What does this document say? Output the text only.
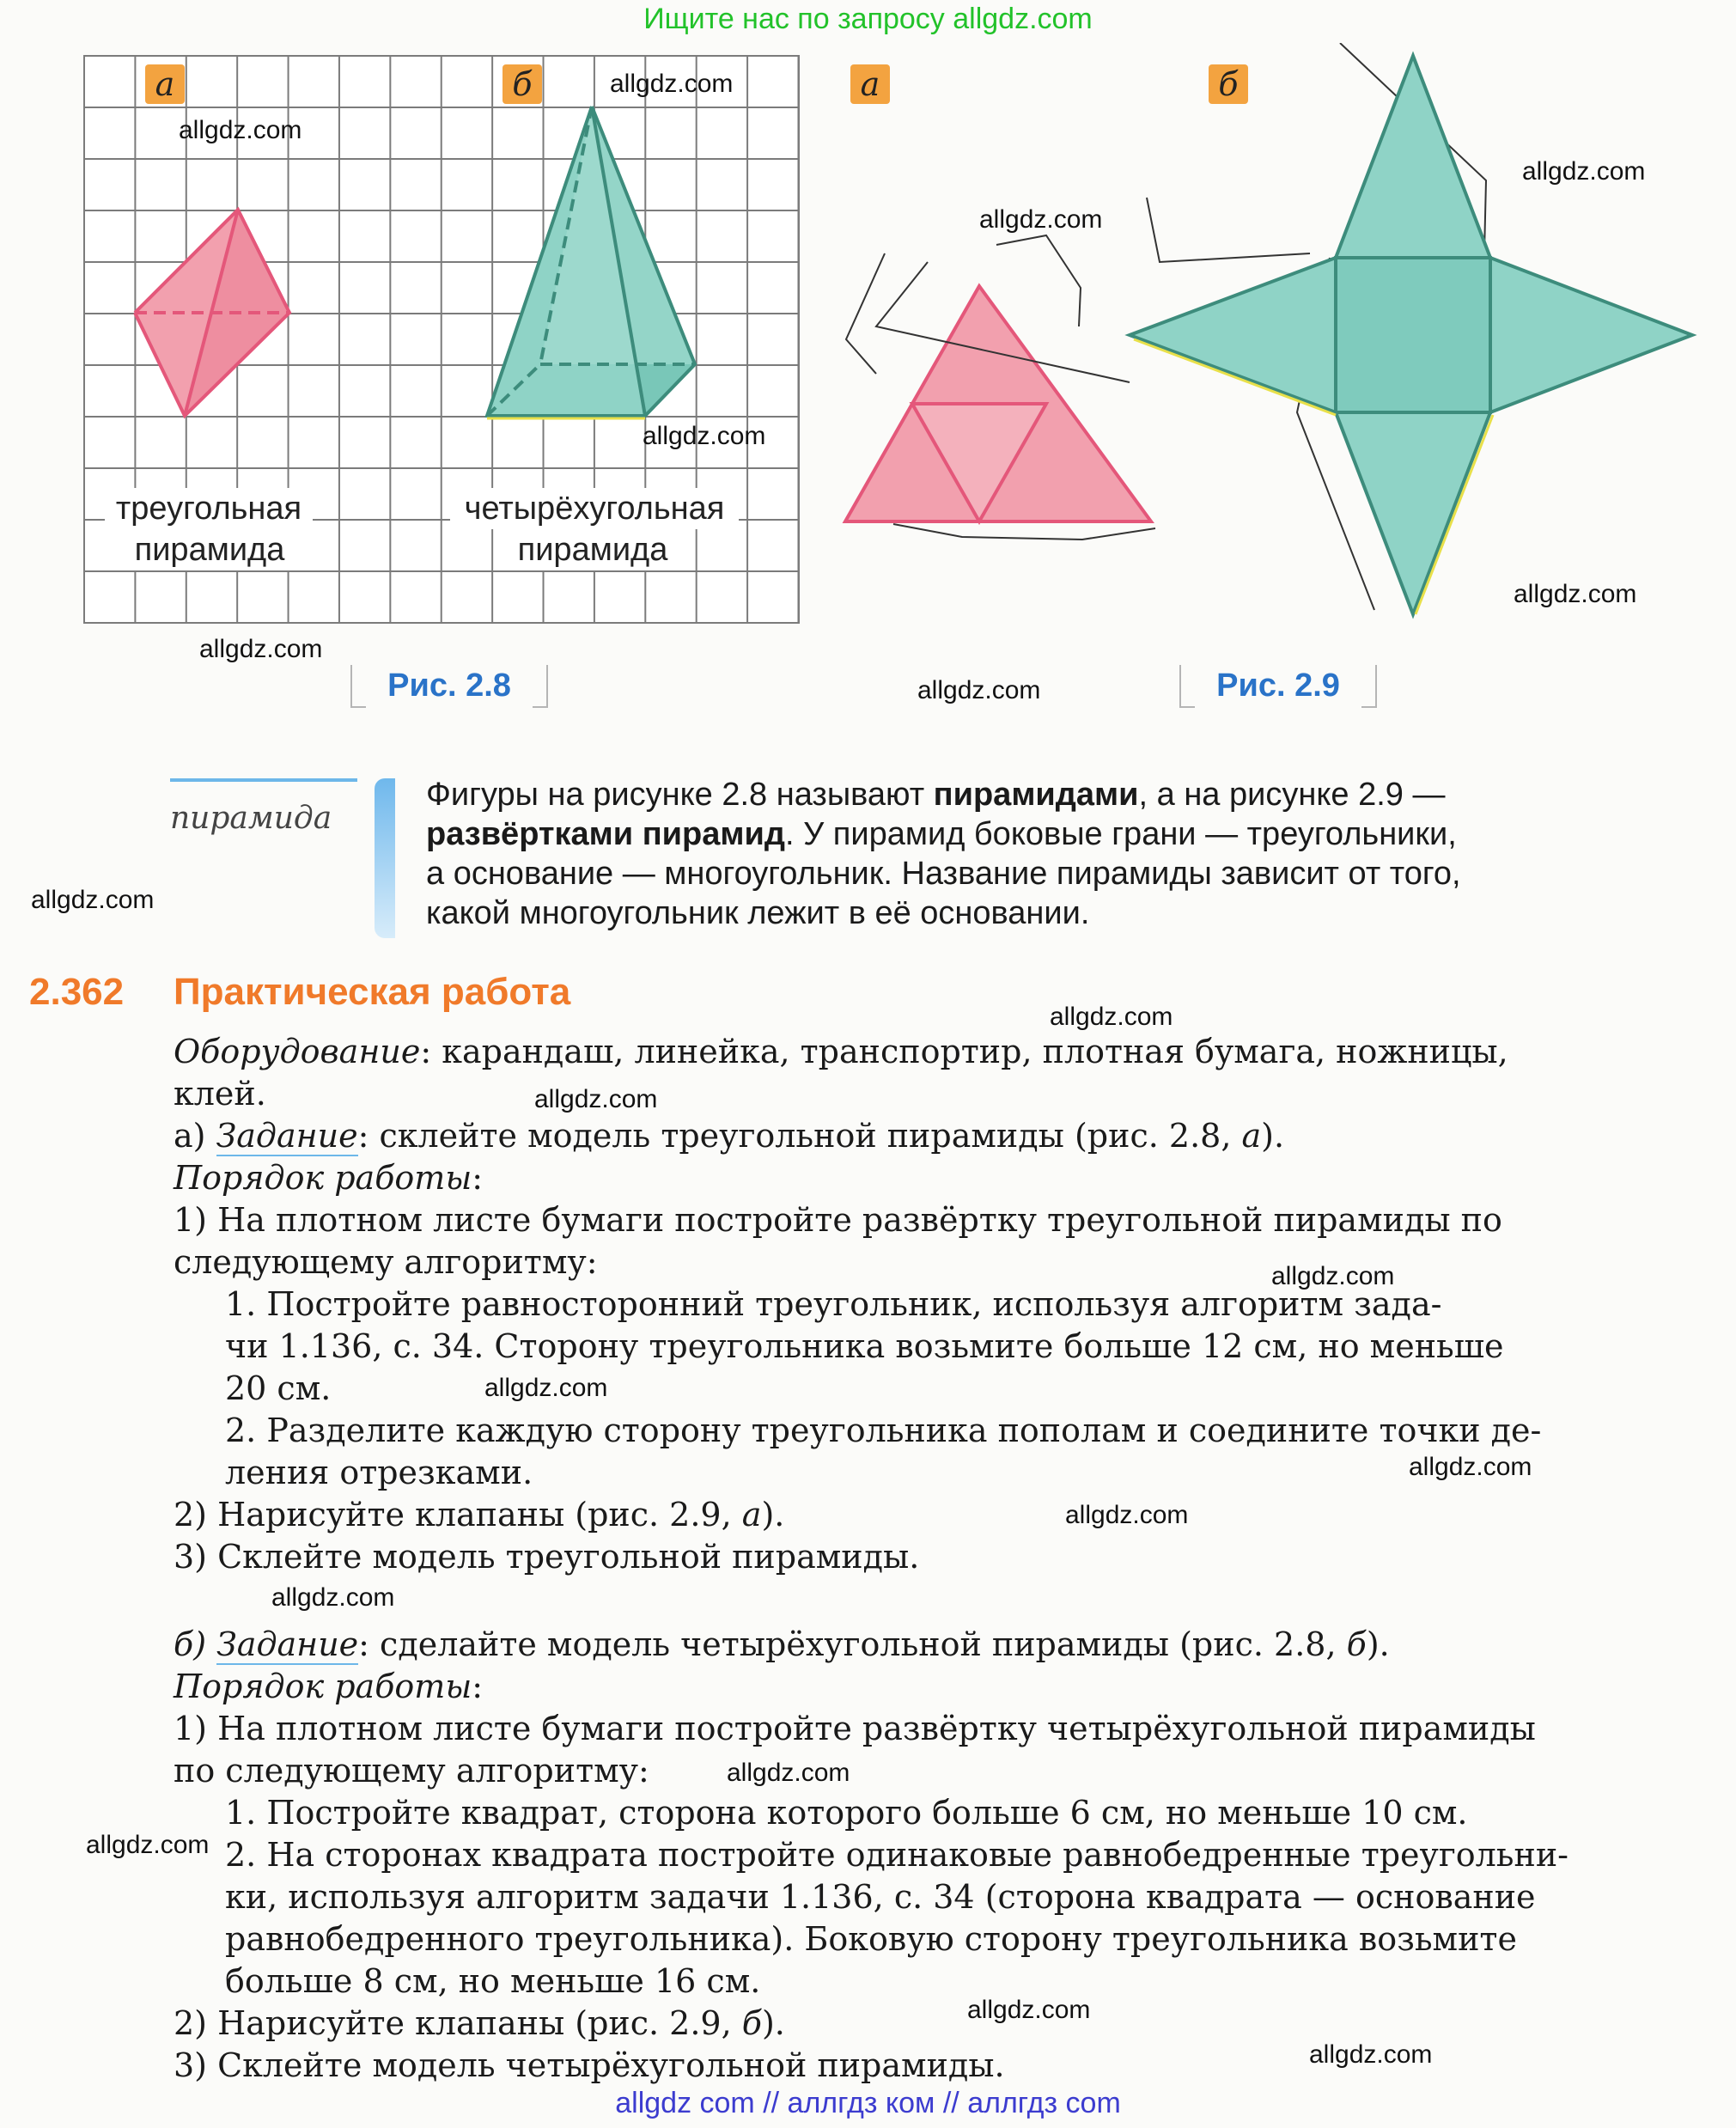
Ищите нас по запросу allgdz.com
allgdz com // аллгдз ком // аллгдз com
а	б
треугольная
пирамида
четырёхугольная
пирамида
Рис. 2.8
а	б
Рис. 2.9
пирамида
Фигуры на рисунке 2.8 называют пирамидами, а на рисунке 2.9 —
развёртками пирамид. У пирамид боковые грани — треугольники,
а основание — многоугольник. Название пирамиды зависит от того,
какой многоугольник лежит в её основании.
2.362 Практическая работа
Оборудование: карандаш, линейка, транспортир, плотная бумага, ножницы,
клей.
а) Задание: склейте модель треугольной пирамиды (рис. 2.8, а).
Порядок работы:
1) На плотном листе бумаги постройте развёртку треугольной пирамиды по
следующему алгоритму:
1. Постройте равносторонний треугольник, используя алгоритм зада-
чи 1.136, с. 34. Сторону треугольника возьмите больше 12 см, но меньше
20 см.
2. Разделите каждую сторону треугольника пополам и соедините точки де-
ления отрезками.
2) Нарисуйте клапаны (рис. 2.9, а).
3) Склейте модель треугольной пирамиды.
б) Задание: сделайте модель четырёхугольной пирамиды (рис. 2.8, б).
Порядок работы:
1) На плотном листе бумаги постройте развёртку четырёхугольной пирамиды
по следующему алгоритму:
1. Постройте квадрат, сторона которого больше 6 см, но меньше 10 см.
2. На сторонах квадрата постройте одинаковые равнобедренные треугольни-
ки, используя алгоритм задачи 1.136, с. 34 (сторона квадрата — основание
равнобедренного треугольника). Боковую сторону треугольника возьмите
больше 8 см, но меньше 16 см.
2) Нарисуйте клапаны (рис. 2.9, б).
3) Склейте модель четырёхугольной пирамиды.
allgdz.com
allgdz.com
allgdz.com
allgdz.com
allgdz.com
allgdz.com
allgdz.com
allgdz.com
allgdz.com
allgdz.com
allgdz.com
allgdz.com
allgdz.com
allgdz.com
allgdz.com
allgdz.com
allgdz.com
allgdz.com
allgdz.com
allgdz.com
